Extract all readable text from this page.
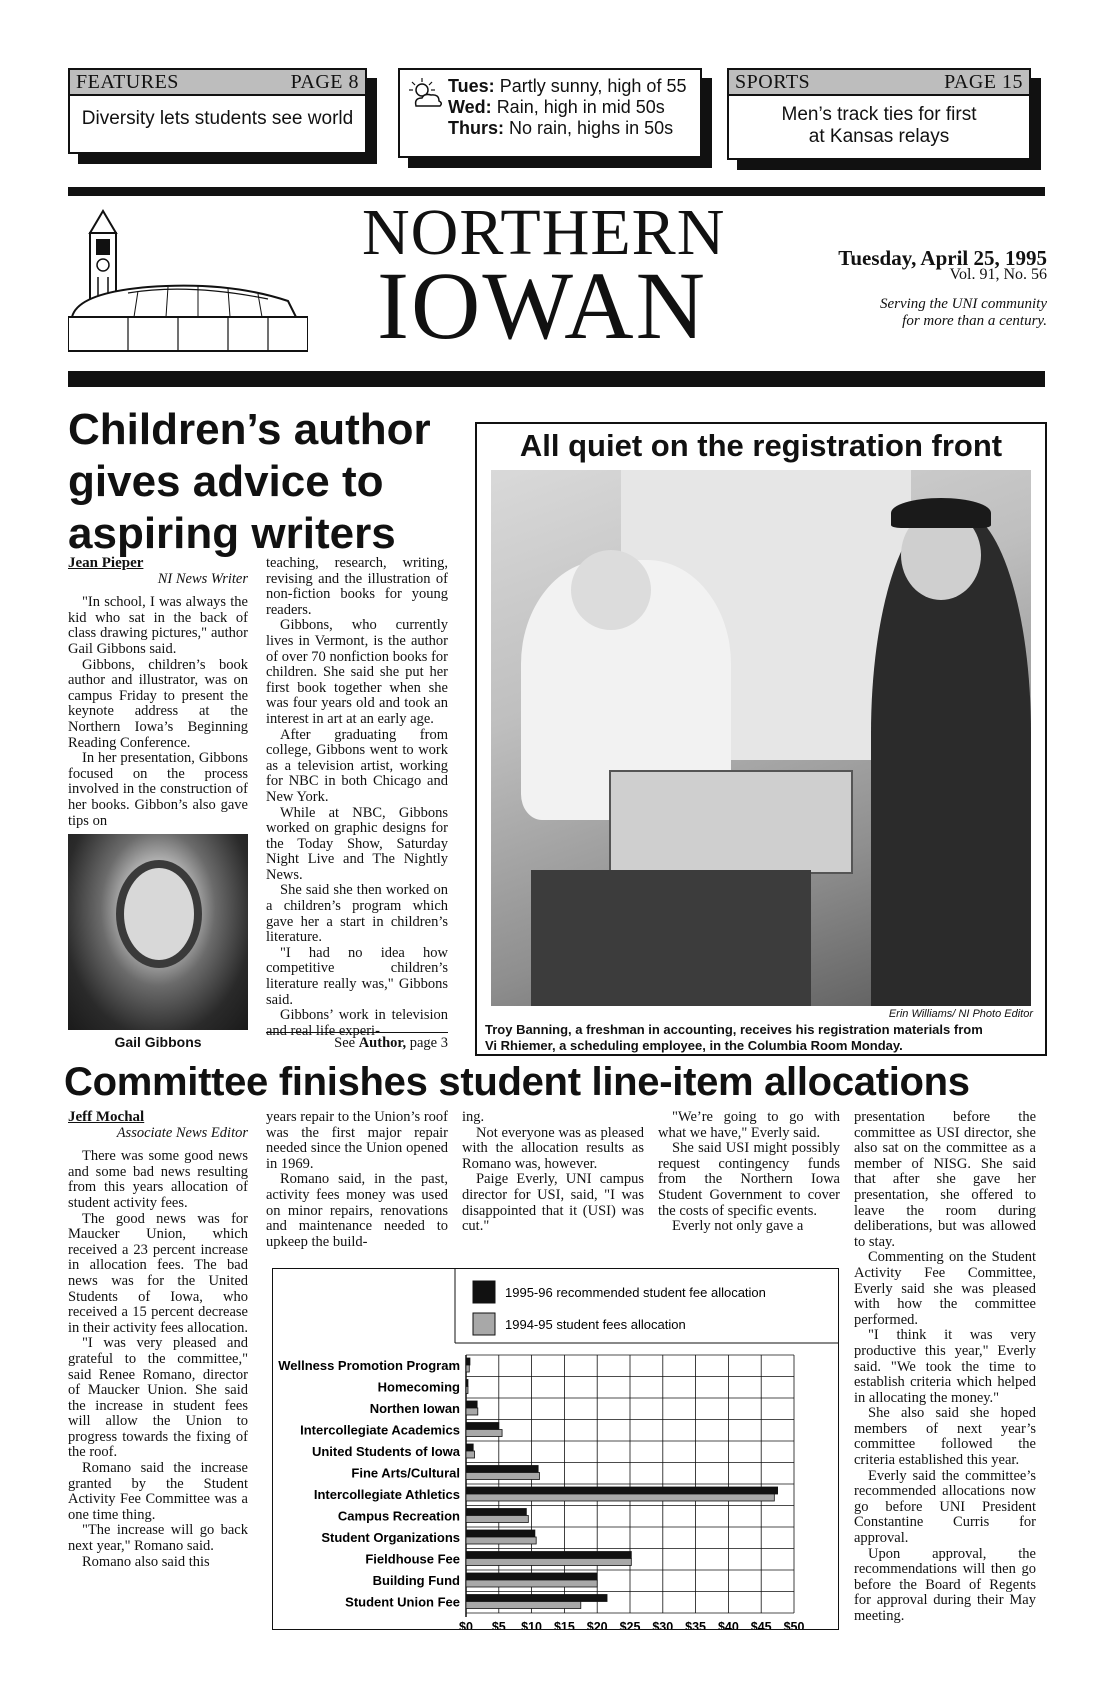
FEATURES	PAGE 8
Diversity lets students see world
Tues: Partly sunny, high of 55
Wed: Rain, high in mid 50s
Thurs: No rain, highs in 50s
SPORTS	PAGE 15
Men’s track ties for first
at Kansas relays
NORTHERN
IOWAN	Tuesday, April 25, 1995
Vol. 91, No. 56
Serving the UNI community
for more than a century.
Children’s author
gives advice to
aspiring writers

Jean Pieper

NI News Writer

"In school, I was always the kid who sat in the back of class drawing pictures," author Gail Gibbons said.

Gibbons, children’s book author and illustrator, was on campus Friday to present the keynote address at the Northern Iowa’s Beginning Reading Conference.

In her presentation, Gibbons focused on the process involved in the construction of her books. Gibbon’s also gave tips on

Gail Gibbons

teaching, research, writing, revising and the illustration of non-fiction books for young readers.

Gibbons, who currently lives in Vermont, is the author of over 70 nonfiction books for children. She said she put her first book together when she was four years old and took an interest in art at an early age.

After graduating from college, Gibbons went to work as a television artist, working for NBC in both Chicago and New York.

While at NBC, Gibbons worked on graphic designs for the Today Show, Saturday Night Live and The Nightly News.

She said she then worked on a children’s program which gave her a start in children’s literature.

"I had no idea how competitive children’s literature really was," Gibbons said.

Gibbons’ work in television and real life experi-

See Author, page 3
All quiet on the registration front
Erin Williams/ NI Photo Editor
Troy Banning, a freshman in accounting, receives his registration materials from
Vi Rhiemer, a scheduling employee, in the Columbia Room Monday.
Committee finishes student line-item allocations

Jeff Mochal

Associate News Editor

There was some good news and some bad news resulting from this years allocation of student activity fees.

The good news was for Maucker Union, which received a 23 percent increase in allocation fees. The bad news was for the United Students of Iowa, who received a 15 percent decrease in their activity fees allocation.

"I was very pleased and grateful to the committee," said Renee Romano, director of Maucker Union. She said the increase in student fees will allow the Union to progress towards the fixing of the roof.

Romano said the increase granted by the Student Activity Fee Committee was a one time thing.

"The increase will go back next year," Romano said.

Romano also said this

years repair to the Union’s roof was the first major repair needed since the Union opened in 1969.

Romano said, in the past, activity fees money was used on minor repairs, renovations and maintenance needed to upkeep the build-

ing.

Not everyone was as pleased with the allocation results as Romano was, however.

Paige Everly, UNI campus director for USI, said, "I was disappointed that it (USI) was cut."

"We’re going to go with what we have," Everly said.

She said USI might possibly request contingency funds from the Northern Iowa Student Government to cover the costs of specific events.

Everly not only gave a

presentation before the committee as USI director, she also sat on the committee as a member of NISG. She said that after she gave her presentation, she offered to leave the room during deliberations, but was allowed to stay.

Commenting on the Student Activity Fee Committee, Everly said she was pleased with how the committee performed.

"I think it was very productive this year," Everly said. "We took the time to establish criteria which helped in allocating the money."

She also said she hoped members of next year’s committee followed the criteria established this year.

Everly said the committee’s recommended allocations now go before UNI President Constantine Curris for approval.

Upon approval, the recommendations will then go before the Board of Regents for approval during their May meeting.

1995-96 recommended student fee allocation
1994-95 student fees allocation
Wellness Promotion Program
Homecoming
Northen Iowan
Intercollegiate Academics
United Students of Iowa
Fine Arts/Cultural
Intercollegiate Athletics
Campus Recreation
Student Organizations
Fieldhouse Fee
Building Fund
Student Union Fee
$0 $5 $10 $15 $20 $25 $30 $35 $40 $45 $50
